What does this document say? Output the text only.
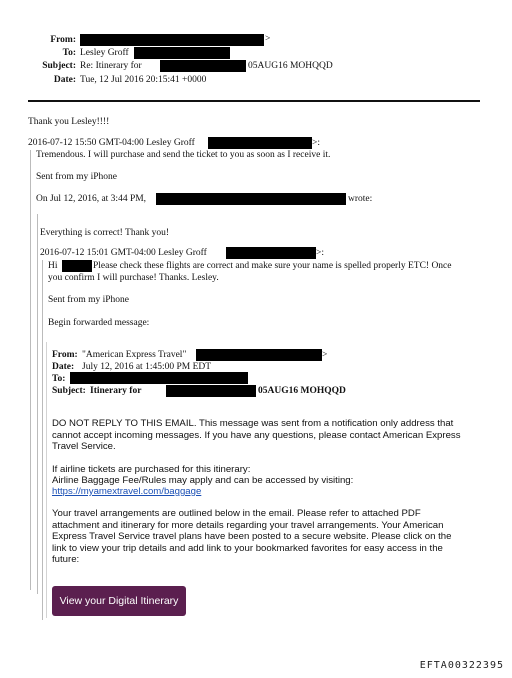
From:	>
To: Lesley Groff
Subject: Re: Itinerary for	05AUG16 MOHQQD
Date: Tue, 12 Jul 2016 20:15:41 +0000
Thank you Lesley!!!!
2016-07-12 15:50 GMT-04:00 Lesley Groff	>:
Tremendous. I will purchase and send the ticket to you as soon as I receive it.
Sent from my iPhone
On Jul 12, 2016, at 3:44 PM,	wrote:
Everything is correct! Thank you!
2016-07-12 15:01 GMT-04:00 Lesley Groff	>:
Hi	Please check these flights are correct and make sure your name is spelled properly ETC! Once
you confirm I will purchase! Thanks. Lesley.
Sent from my iPhone
Begin forwarded message:
From: "American Express Travel"	>
Date: July 12, 2016 at 1:45:00 PM EDT
To:
Subject: Itinerary for	05AUG16 MOHQQD
DO NOT REPLY TO THIS EMAIL. This message was sent from a notification only address that cannot accept incoming messages. If you have any questions, please contact American Express Travel Service.
If airline tickets are purchased for this itinerary:
Airline Baggage Fee/Rules may apply and can be accessed by visiting:
https://myamextravel.com/baggage
Your travel arrangements are outlined below in the email. Please refer to attached PDF attachment and itinerary for more details regarding your travel arrangements. Your American Express Travel Service travel plans have been posted to a secure website. Please click on the link to view your trip details and add link to your bookmarked favorites for easy access in the future:
View your Digital Itinerary
EFTA00322395
